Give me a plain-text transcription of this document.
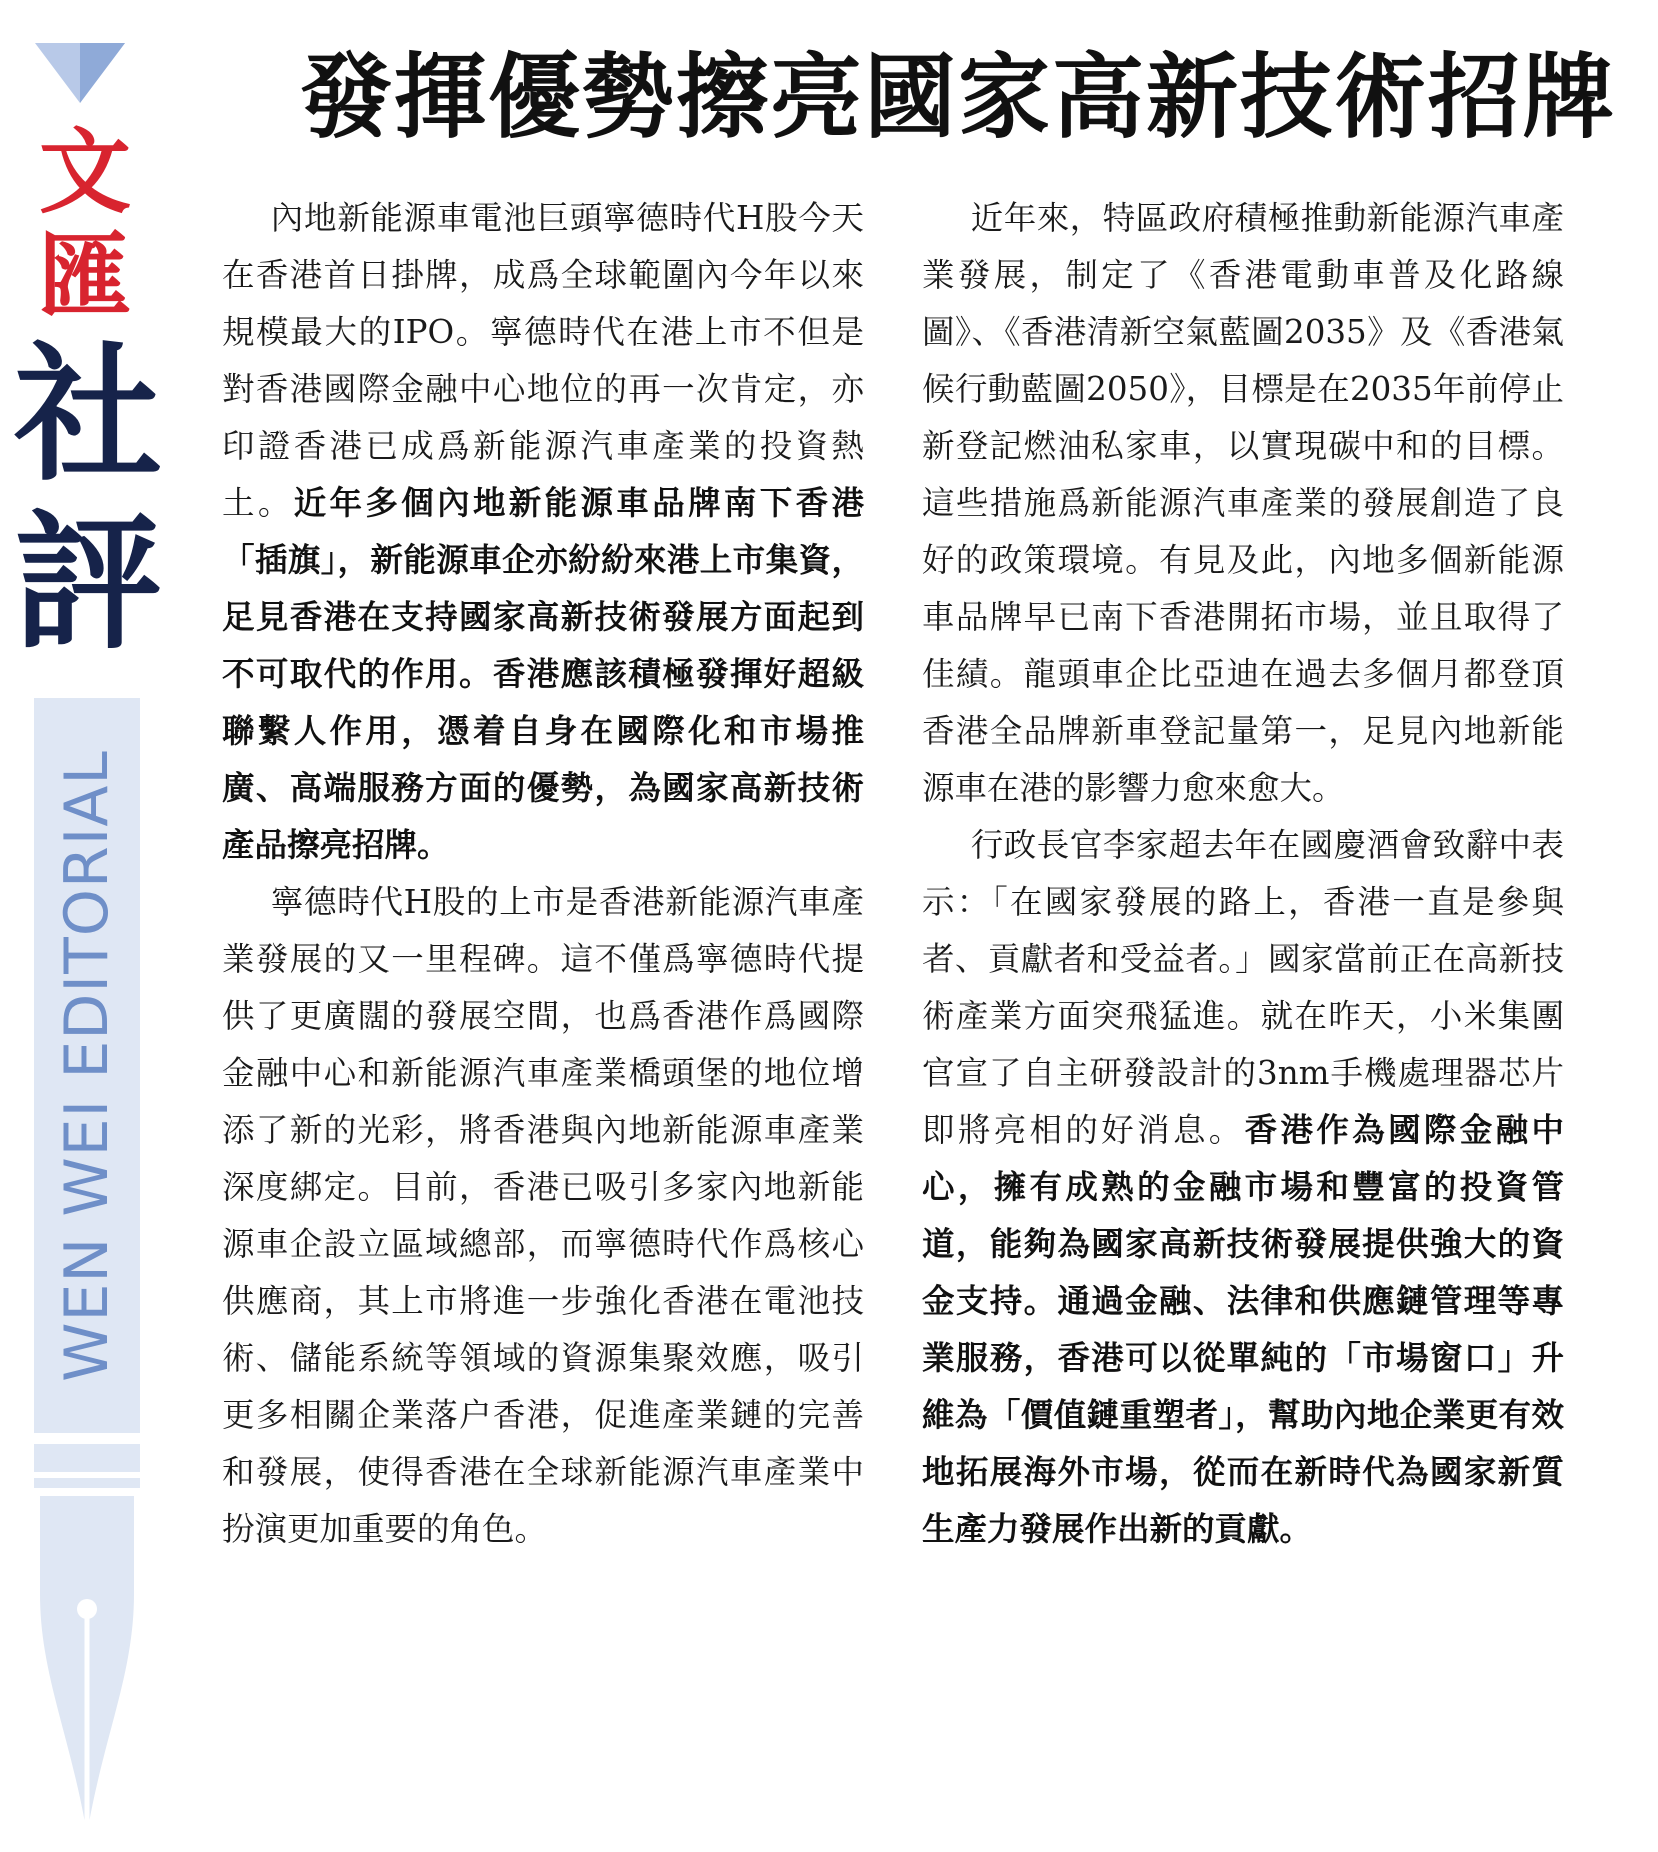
文
匯
社
評
WEN WEI EDITORIAL
發揮優勢擦亮國家高新技術招牌

內地新能源車電池巨頭寧德時代H股今天在香港首日掛牌，成爲全球範圍內今年以來規模最大的IPO。寧德時代在港上市不但是對香港國際金融中心地位的再一次肯定，亦印證香港已成爲新能源汽車產業的投資熱土。近年多個內地新能源車品牌南下香港「插旗」，新能源車企亦紛紛來港上市集資，足見香港在支持國家高新技術發展方面起到不可取代的作用。香港應該積極發揮好超級聯繫人作用，憑着自身在國際化和市場推廣、高端服務方面的優勢，為國家高新技術產品擦亮招牌。

寧德時代H股的上市是香港新能源汽車產業發展的又一里程碑。這不僅爲寧德時代提供了更廣闊的發展空間，也爲香港作爲國際金融中心和新能源汽車產業橋頭堡的地位增添了新的光彩，將香港與內地新能源車產業深度綁定。目前，香港已吸引多家內地新能源車企設立區域總部，而寧德時代作爲核心供應商，其上市將進一步強化香港在電池技術、儲能系統等領域的資源集聚效應，吸引更多相關企業落户香港，促進產業鏈的完善和發展，使得香港在全球新能源汽車產業中扮演更加重要的角色。

近年來，特區政府積極推動新能源汽車產業發展，制定了《香港電動車普及化路線圖》、《香港清新空氣藍圖2035》及《香港氣候行動藍圖2050》，目標是在2035年前停止新登記燃油私家車，以實現碳中和的目標。這些措施爲新能源汽車產業的發展創造了良好的政策環境。有見及此，內地多個新能源車品牌早已南下香港開拓市場，並且取得了佳績。龍頭車企比亞迪在過去多個月都登頂香港全品牌新車登記量第一，足見內地新能源車在港的影響力愈來愈大。

行政長官李家超去年在國慶酒會致辭中表示：「在國家發展的路上，香港一直是參與者、貢獻者和受益者。」國家當前正在高新技術產業方面突飛猛進。就在昨天，小米集團官宣了自主研發設計的3nm手機處理器芯片即將亮相的好消息。香港作為國際金融中心，擁有成熟的金融市場和豐富的投資管道，能夠為國家高新技術發展提供強大的資金支持。通過金融、法律和供應鏈管理等專業服務，香港可以從單純的「市場窗口」升維為「價值鏈重塑者」，幫助內地企業更有效地拓展海外市場，從而在新時代為國家新質生產力發展作出新的貢獻。
